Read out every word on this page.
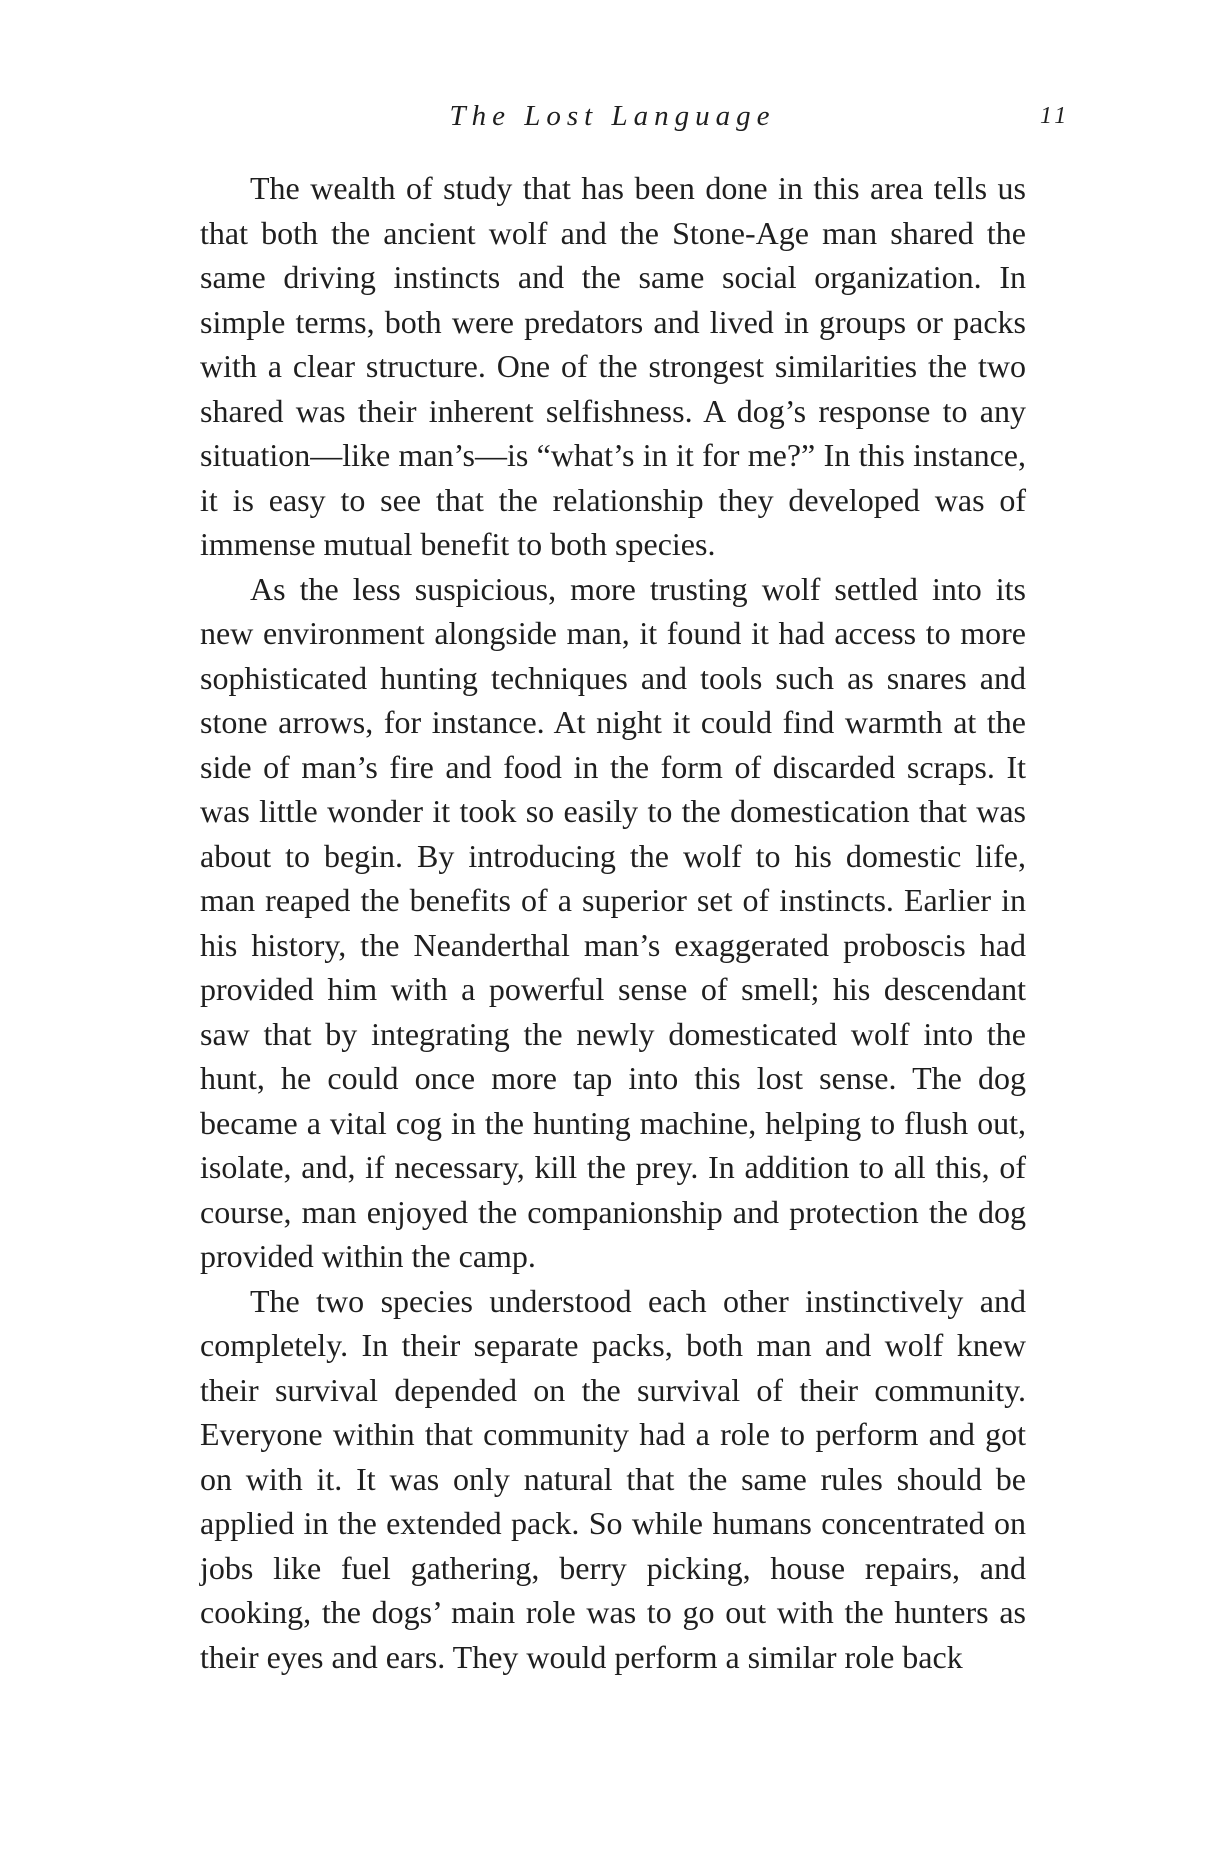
The Lost Language	11

The wealth of study that has been done in this area tells us that both the ancient wolf and the Stone-Age man shared the same driving instincts and the same social organization. In simple terms, both were predators and lived in groups or packs with a clear structure. One of the strongest similarities the two shared was their inherent selfishness. A dog’s response to any situation—like man’s—is “what’s in it for me?” In this instance, it is easy to see that the relationship they developed was of immense mutual benefit to both species.

As the less suspicious, more trusting wolf settled into its new environment alongside man, it found it had access to more sophisticated hunting techniques and tools such as snares and stone arrows, for instance. At night it could find warmth at the side of man’s fire and food in the form of discarded scraps. It was little wonder it took so easily to the domestication that was about to begin. By introducing the wolf to his domestic life, man reaped the benefits of a superior set of instincts. Earlier in his history, the Neanderthal man’s exaggerated proboscis had provided him with a powerful sense of smell; his descendant saw that by integrating the newly domesticated wolf into the hunt, he could once more tap into this lost sense. The dog became a vital cog in the hunting machine, helping to flush out, isolate, and, if necessary, kill the prey. In addition to all this, of course, man enjoyed the companionship and protection the dog provided within the camp.

The two species understood each other instinctively and completely. In their separate packs, both man and wolf knew their survival depended on the survival of their community. Everyone within that community had a role to perform and got on with it. It was only natural that the same rules should be applied in the extended pack. So while humans concentrated on jobs like fuel gathering, berry picking, house repairs, and cooking, the dogs’ main role was to go out with the hunters as their eyes and ears. They would perform a similar role back
